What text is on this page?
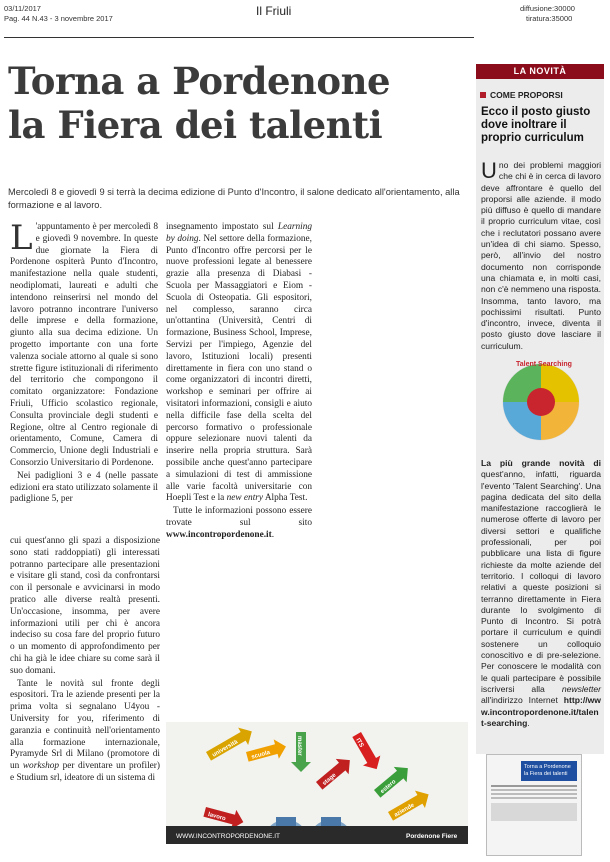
03/11/2017
Pag. 44 N.43 - 3 novembre 2017
Il Friuli	diffusione:30000
tiratura:35000
Torna a Pordenone
la Fiera dei talenti
Mercoledì 8 e giovedì 9 si terrà la decima edizione di Punto d'Incontro, il salone dedicato all'orientamento, alla formazione e al lavoro.

L 'appuntamento è per mercoledì 8 e giovedì 9 novembre. In queste due giornate la Fiera di Pordenone ospiterà Punto d'Incontro, manifestazione nella quale studenti, neodiplomati, laureati e adulti che intendono reinserirsi nel mondo del lavoro potranno incontrare l'universo delle imprese e della formazione, giunto alla sua decima edizione. Un progetto importante con una forte valenza sociale attorno al quale si sono strette figure istituzionali di riferimento del territorio che compongono il comitato organizzatore: Fondazione Friuli, Ufficio scolastico regionale, Consulta provinciale degli studenti e Regione, oltre al Centro regionale di orientamento, Comune, Camera di Commercio, Unione degli Industriali e Consorzio Universitario di Pordenone.

Nei padiglioni 3 e 4 (nelle passate edizioni era stato utilizzato solamente il padiglione 5, per

insegnamento impostato sul Learning by doing. Nel settore della formazione, Punto d'Incontro offre percorsi per le nuove professioni legate al benessere grazie alla presenza di Diabasi - Scuola per Massaggiatori e Eiom -Scuola di Osteopatia. Gli espositori, nel complesso, saranno circa un'ottantina (Università, Centri di formazione, Business School, Imprese, Servizi per l'impiego, Agenzie del lavoro, Istituzioni locali) presenti direttamente in fiera con uno stand o come organizzatori di incontri diretti, workshop e seminari per offrire ai visitatori informazioni, consigli e aiuto nella difficile fase della scelta del percorso formativo o professionale oppure selezionare nuovi talenti da inserire nella propria struttura. Sarà possibile anche quest'anno partecipare a simulazioni di test di ammissione alle varie facoltà universitarie con Hoepli Test e la new entry Alpha Test.

Tutte le informazioni possono essere trovate sul sito www.incontropordenone.it.

cui quest'anno gli spazi a disposizione sono stati raddoppiati) gli interessati potranno partecipare alle presentazioni e visitare gli stand, così da confrontarsi con il personale e avvicinarsi in modo pratico alle diverse realtà presenti. Un'occasione, insomma, per avere informazioni utili per chi è ancora indeciso su cosa fare del proprio futuro o un momento di approfondimento per chi ha già le idee chiare su come sarà il suo domani.

Tante le novità sul fronte degli espositori. Tra le aziende presenti per la prima volta si segnalano U4you - University for you, riferimento di garanzia e continuità nell'orientamento alla formazione internazionale, Pyramyde Srl di Milano (promotore di un workshop per diventare un profiler) e Studium srl, ideatore di un sistema di

università scuola	master
stage
ITS
estero
aziende
lavoro
WWW.INCONTROPORDENONE.IT	Pordenone Fiere
LA NOVITÀ
COME PROPORSI
Ecco il posto giusto dove inoltrare il proprio curriculum
Uno dei problemi maggiori che chi è in cerca di lavoro deve affrontare è quello del proporsi alle aziende. il modo più diffuso è quello di mandare il proprio curriculum vitae, così che i reclutatori possano avere un'idea di chi siamo. Spesso, però, all'invio del nostro documento non corrisponde una chiamata e, in molti casi, non c'è nemmeno una risposta. Insomma, tanto lavoro, ma pochissimi risultati. Punto d'incontro, invece, diventa il posto giusto dove lasciare il curriculum.
Talent Searching
La più grande novità di quest'anno, infatti, riguarda l'evento 'Talent Searching'. Una pagina dedicata del sito della manifestazione raccoglierà le numerose offerte di lavoro per diversi settori e qualifiche professionali, per poi pubblicare una lista di figure richieste da molte aziende del territorio. I colloqui di lavoro relativi a queste posizioni si terranno direttamente in Fiera durante lo svolgimento di Punto di Incontro. Si potrà portare il curriculum e quindi sostenere un colloquio conoscitivo e di pre-selezione. Per conoscere le modalità con le quali partecipare è possibile iscriversi alla newsletter all'indirizzo Internet http://www.incontropordenone.it/talent-searching.
Torna a Pordenone la Fiera dei talenti
